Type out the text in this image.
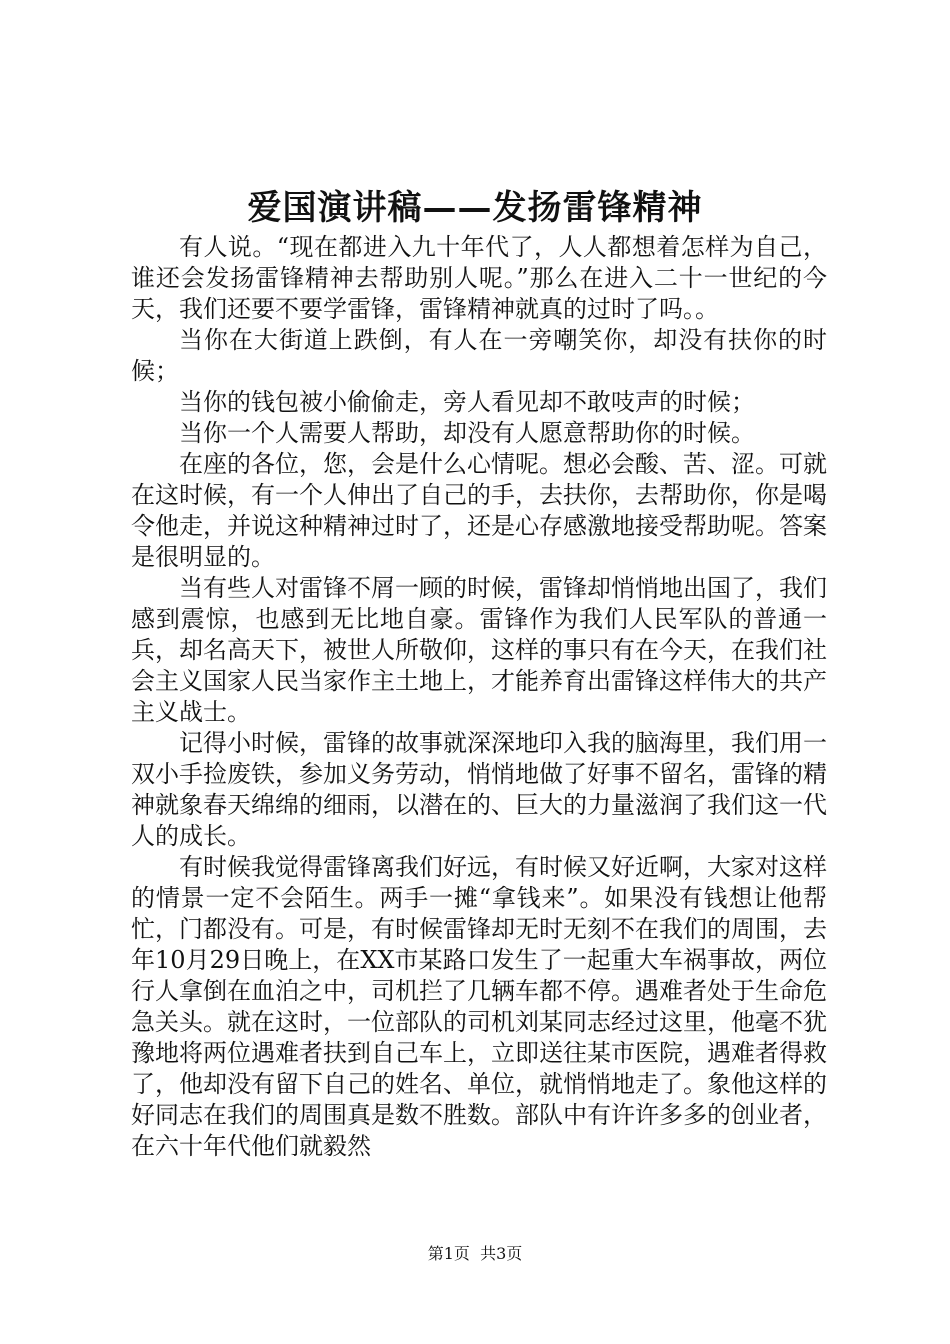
爱国演讲稿——发扬雷锋精神

有人说。“现在都进入九十年代了，人人都想着怎样为自己，谁还会发扬雷锋精神去帮助别人呢。”那么在进入二十一世纪的今天，我们还要不要学雷锋，雷锋精神就真的过时了吗。。

当你在大街道上跌倒，有人在一旁嘲笑你，却没有扶你的时候；

当你的钱包被小偷偷走，旁人看见却不敢吱声的时候；

当你一个人需要人帮助，却没有人愿意帮助你的时候。

在座的各位，您，会是什么心情呢。想必会酸、苦、涩。可就在这时候，有一个人伸出了自己的手，去扶你，去帮助你，你是喝令他走，并说这种精神过时了，还是心存感激地接受帮助呢。答案是很明显的。

当有些人对雷锋不屑一顾的时候，雷锋却悄悄地出国了，我们感到震惊，也感到无比地自豪。雷锋作为我们人民军队的普通一兵，却名高天下，被世人所敬仰，这样的事只有在今天，在我们社会主义国家人民当家作主土地上，才能养育出雷锋这样伟大的共产主义战士。

记得小时候，雷锋的故事就深深地印入我的脑海里，我们用一双小手捡废铁，参加义务劳动，悄悄地做了好事不留名，雷锋的精神就象春天绵绵的细雨，以潜在的、巨大的力量滋润了我们这一代人的成长。

有时候我觉得雷锋离我们好远，有时候又好近啊，大家对这样的情景一定不会陌生。两手一摊“拿钱来”。如果没有钱想让他帮忙，门都没有。可是，有时候雷锋却无时无刻不在我们的周围，去年10月29日晚上，在XX市某路口发生了一起重大车祸事故，两位行人拿倒在血泊之中，司机拦了几辆车都不停。遇难者处于生命危急关头。就在这时，一位部队的司机刘某同志经过这里，他毫不犹豫地将两位遇难者扶到自己车上，立即送往某市医院，遇难者得救了，他却没有留下自己的姓名、单位，就悄悄地走了。象他这样的好同志在我们的周围真是数不胜数。部队中有许许多多的创业者，在六十年代他们就毅然

第1页 共3页
